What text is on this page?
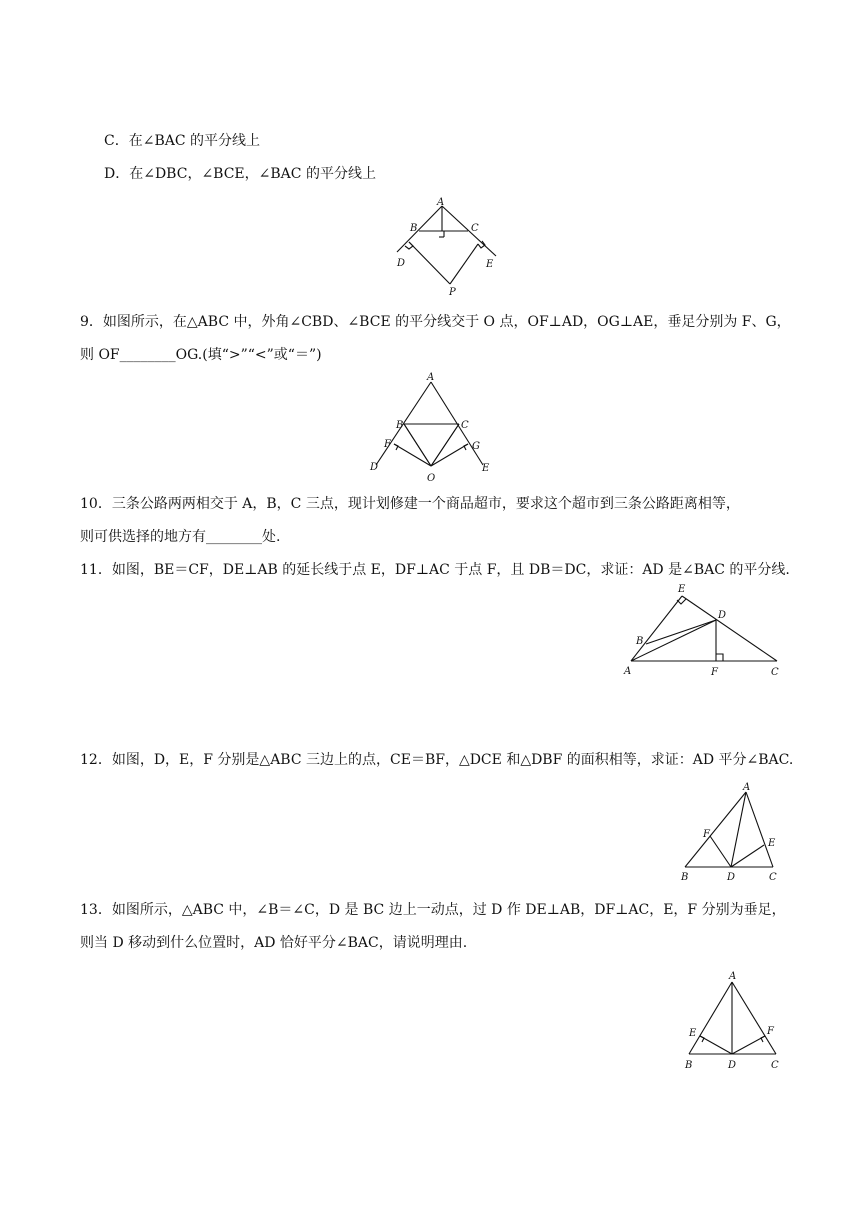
C．在∠BAC 的平分线上
D．在∠DBC，∠BCE，∠BAC 的平分线上
A
B	C
D	E
P
9．如图所示，在△ABC 中，外角∠CBD、∠BCE 的平分线交于 O 点，OF⊥AD，OG⊥AE，垂足分别为 F、G，
则 OF________OG.(填“>”“<”或“＝”)
A
B	C
F	G
D	E
O
10．三条公路两两相交于 A，B，C 三点，现计划修建一个商品超市，要求这个超市到三条公路距离相等，
则可供选择的地方有________处.
11．如图，BE＝CF，DE⊥AB 的延长线于点 E，DF⊥AC 于点 F，且 DB＝DC，求证：AD 是∠BAC 的平分线.
E
D
B
A	F	C
12．如图，D，E，F 分别是△ABC 三边上的点，CE＝BF，△DCE 和△DBF 的面积相等，求证：AD 平分∠BAC.
A
F
E
B	D	C
13．如图所示，△ABC 中，∠B＝∠C，D 是 BC 边上一动点，过 D 作 DE⊥AB，DF⊥AC，E，F 分别为垂足，
则当 D 移动到什么位置时，AD 恰好平分∠BAC，请说明理由.
A
E	F
B	D	C
